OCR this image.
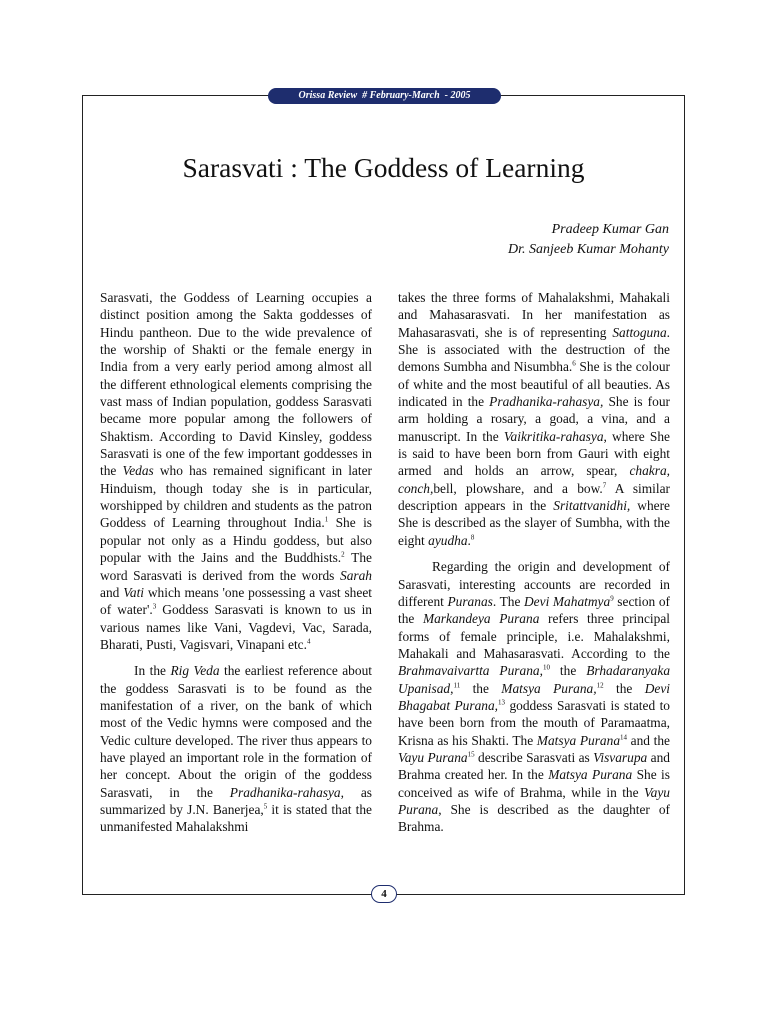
Orissa Review  # February-March  - 2005
Sarasvati : The Goddess of Learning
Pradeep Kumar Gan
Dr. Sanjeeb Kumar Mohanty

Sarasvati, the Goddess of Learning occupies a distinct position among the Sakta goddesses of Hindu pantheon. Due to the wide prevalence of the worship of Shakti or the female energy in India from a very early period among almost all the different ethnological elements comprising the vast mass of Indian population, goddess Sarasvati became more popular among the followers of Shaktism. According to David Kinsley, goddess Sarasvati is one of the few important goddesses in the Vedas who has remained significant in later Hinduism, though today she is in particular, worshipped by children and students as the patron Goddess of Learning throughout India.$^1$ She is popular not only as a Hindu goddess, but also popular with the Jains and the Buddhists.$^2$ The word Sarasvati is derived from the words Sarah and Vati which means 'one possessing a vast sheet of water'.$^3$ Goddess Sarasvati is known to us in various names like Vani, Vagdevi, Vac, Sarada, Bharati, Pusti, Vagisvari, Vinapani etc.$^4$

In the Rig Veda the earliest reference about the goddess Sarasvati is to be found as the manifestation of a river, on the bank of which most of the Vedic hymns were composed and the Vedic culture developed. The river thus appears to have played an important role in the formation of her concept. About the origin of the goddess Sarasvati, in the Pradhanika-rahasya, as summarized by J.N. Banerjea,$^5$ it is stated that the unmanifested Mahalakshmi

takes the three forms of Mahalakshmi, Mahakali and Mahasarasvati. In her manifestation as Mahasarasvati, she is of representing Sattoguna. She is associated with the destruction of the demons Sumbha and Nisumbha.$^6$ She is the colour of white and the most beautiful of all beauties. As indicated in the Pradhanika-rahasya, She is four arm holding a rosary, a goad, a vina, and a manuscript. In the Vaikritika-rahasya, where She is said to have been born from Gauri with eight armed and holds an arrow, spear, chakra, conch,bell, plowshare, and a bow.$^7$ A similar description appears in the Sritattvanidhi, where She is described as the slayer of Sumbha, with the eight ayudha.$^8$

Regarding the origin and development of Sarasvati, interesting accounts are recorded in different Puranas. The Devi Mahatmya$^9$ section of the Markandeya Purana refers three principal forms of female principle, i.e. Mahalakshmi, Mahakali and Mahasarasvati. According to the Brahmavaivartta Purana,$^{10}$ the Brhadaranyaka Upanisad,$^{11}$ the Matsya Purana,$^{12}$ the Devi Bhagabat Purana,$^{13}$ goddess Sarasvati is stated to have been born from the mouth of Paramaatma, Krisna as his Shakti. The Matsya Purana$^{14}$ and the Vayu Purana$^{15}$ describe Sarasvati as Visvarupa and Brahma created her. In the Matsya Purana She is conceived as wife of Brahma, while in the Vayu Purana, She is described as the daughter of Brahma.

4
